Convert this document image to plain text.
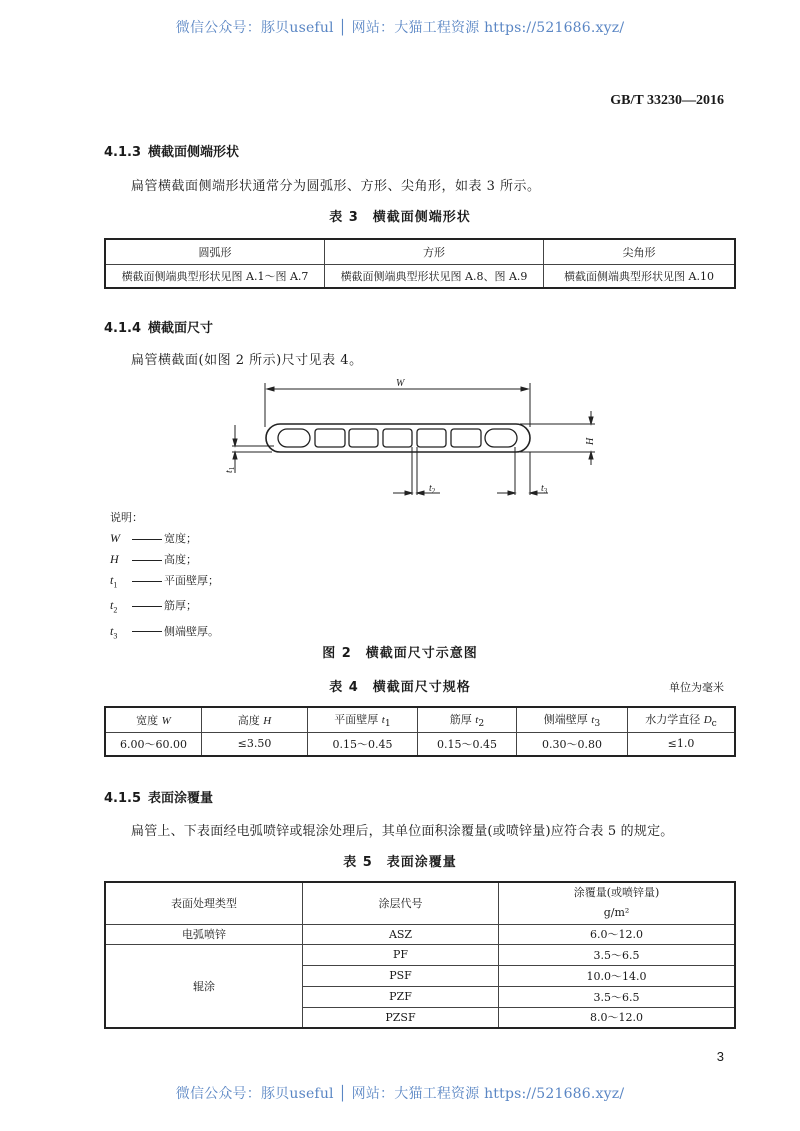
微信公众号：豚贝useful │ 网站：大猫工程资源 https://521686.xyz/
GB/T 33230—2016
4.1.3 横截面侧端形状
扁管横截面侧端形状通常分为圆弧形、方形、尖角形，如表 3 所示。
表 3　横截面侧端形状
圆弧形	方形	尖角形
横截面侧端典型形状见图 A.1～图 A.7	横截面侧端典型形状见图 A.8、图 A.9	横截面侧端典型形状见图 A.10
4.1.4 横截面尺寸
扁管横截面(如图 2 所示)尺寸见表 4。
W
H
$t_1$
$t_2$	$t_3$
说明：
W	宽度；
H	高度；
$t_1$	平面壁厚；
$t_2$	筋厚；
$t_3$	侧端壁厚。
图 2　横截面尺寸示意图
表 4　横截面尺寸规格	单位为毫米
宽度 W	高度 H	平面壁厚 $t_1$	筋厚 $t_2$	侧端壁厚 $t_3$	水力学直径 $D_c$
6.00～60.00	≤3.50	0.15～0.45	0.15～0.45	0.30～0.80	≤1.0
4.1.5 表面涂覆量
扁管上、下表面经电弧喷锌或辊涂处理后，其单位面积涂覆量(或喷锌量)应符合表 5 的规定。
表 5　表面涂覆量
表面处理类型	涂层代号	涂覆量(或喷锌量)
g/m²

电弧喷锌	ASZ	6.0～12.0
辊涂	PF	3.5～6.5
	PSF	10.0～14.0
	PZF	3.5～6.5
	PZSF	8.0～12.0
3
微信公众号：豚贝useful │ 网站：大猫工程资源 https://521686.xyz/
